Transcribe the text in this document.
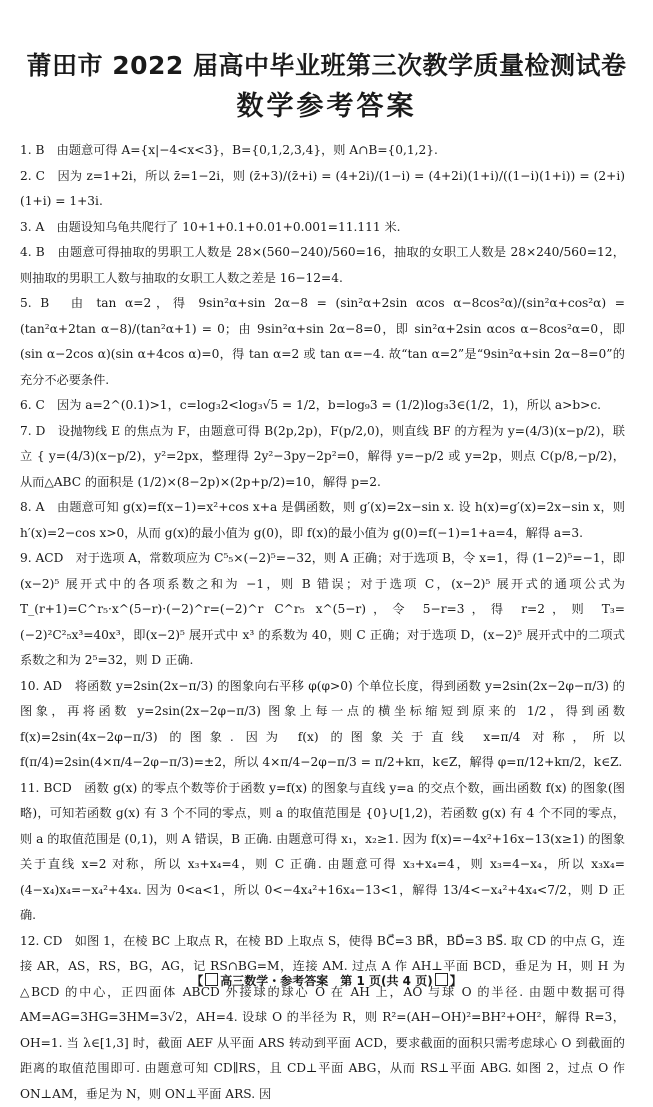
莆田市 2022 届高中毕业班第三次教学质量检测试卷
数学参考答案

1. B　由题意可得 A={x|−4<x<3}，B={0,1,2,3,4}，则 A∩B={0,1,2}.

2. C　因为 z=1+2i，所以 z̄=1−2i，则 (z̄+3)/(z̄+i) = (4+2i)/(1−i) = (4+2i)(1+i)/((1−i)(1+i)) = (2+i)(1+i) = 1+3i.

3. A　由题设知乌龟共爬行了 10+1+0.1+0.01+0.001=11.111 米.

4. B　由题意可得抽取的男职工人数是 28×(560−240)/560=16，抽取的女职工人数是 28×240/560=12，则抽取的男职工人数与抽取的女职工人数之差是 16−12=4.

5. B　由 tan α=2，得 9sin²α+sin 2α−8 = (sin²α+2sin αcos α−8cos²α)/(sin²α+cos²α) = (tan²α+2tan α−8)/(tan²α+1) = 0；由 9sin²α+sin 2α−8=0，即 sin²α+2sin αcos α−8cos²α=0，即 (sin α−2cos α)(sin α+4cos α)=0，得 tan α=2 或 tan α=−4. 故“tan α=2”是“9sin²α+sin 2α−8=0”的充分不必要条件.

6. C　因为 a=2^(0.1)>1，c=log₃2<log₃√5 = 1/2，b=log₉3 = (1/2)log₃3∈(1/2，1)，所以 a>b>c.

7. D　设抛物线 E 的焦点为 F，由题意可得 B(2p,2p)，F(p/2,0)，则直线 BF 的方程为 y=(4/3)(x−p/2)，联立 { y=(4/3)(x−p/2)，y²=2px，整理得 2y²−3py−2p²=0，解得 y=−p/2 或 y=2p，则点 C(p/8,−p/2)，从而△ABC 的面积是 (1/2)×(8−2p)×(2p+p/2)=10，解得 p=2.

8. A　由题意可知 g(x)=f(x−1)=x²+cos x+a 是偶函数，则 g′(x)=2x−sin x. 设 h(x)=g′(x)=2x−sin x，则 h′(x)=2−cos x>0，从而 g(x)的最小值为 g(0)，即 f(x)的最小值为 g(0)=f(−1)=1+a=4，解得 a=3.

9. ACD　对于选项 A，常数项应为 C⁵₅×(−2)⁵=−32，则 A 正确；对于选项 B，令 x=1，得 (1−2)⁵=−1，即(x−2)⁵ 展开式中的各项系数之和为 −1，则 B 错误；对于选项 C，(x−2)⁵ 展开式的通项公式为 T_(r+1)=C^r₅·x^(5−r)·(−2)^r=(−2)^r C^r₅ x^(5−r)，令 5−r=3，得 r=2，则 T₃=(−2)²C²₅x³=40x³，即(x−2)⁵ 展开式中 x³ 的系数为 40，则 C 正确；对于选项 D，(x−2)⁵ 展开式中的二项式系数之和为 2⁵=32，则 D 正确.

10. AD　将函数 y=2sin(2x−π/3) 的图象向右平移 φ(φ>0) 个单位长度，得到函数 y=2sin(2x−2φ−π/3) 的图象，再将函数 y=2sin(2x−2φ−π/3) 图象上每一点的横坐标缩短到原来的 1/2，得到函数 f(x)=2sin(4x−2φ−π/3) 的图象. 因为 f(x) 的图象关于直线 x=π/4 对称，所以 f(π/4)=2sin(4×π/4−2φ−π/3)=±2，所以 4×π/4−2φ−π/3 = π/2+kπ，k∈Z，解得 φ=π/12+kπ/2，k∈Z.

11. BCD　函数 g(x) 的零点个数等价于函数 y=f(x) 的图象与直线 y=a 的交点个数，画出函数 f(x) 的图象(图略)，可知若函数 g(x) 有 3 个不同的零点，则 a 的取值范围是 {0}∪[1,2)，若函数 g(x) 有 4 个不同的零点，则 a 的取值范围是 (0,1)，则 A 错误，B 正确. 由题意可得 x₁，x₂≥1. 因为 f(x)=−4x²+16x−13(x≥1) 的图象关于直线 x=2 对称，所以 x₃+x₄=4，则 C 正确. 由题意可得 x₃+x₄=4，则 x₃=4−x₄，所以 x₃x₄=(4−x₄)x₄=−x₄²+4x₄. 因为 0<a<1，所以 0<−4x₄²+16x₄−13<1，解得 13/4<−x₄²+4x₄<7/2，则 D 正确.

12. CD　如图 1，在棱 BC 上取点 R，在棱 BD 上取点 S，使得 BC⃗=3 BR⃗，BD⃗=3 BS⃗. 取 CD 的中点 G，连接 AR，AS，RS，BG，AG，记 RS∩BG=M，连接 AM. 过点 A 作 AH⊥平面 BCD，垂足为 H，则 H 为△BCD 的中心，正四面体 ABCD 外接球的球心 O 在 AH 上，AO 与球 O 的半径. 由题中数据可得 AM=AG=3HG=3HM=3√2，AH=4. 设球 O 的半径为 R，则 R²=(AH−OH)²=BH²+OH²，解得 R=3，OH=1. 当 λ∈[1,3] 时，截面 AEF 从平面 ARS 转动到平面 ACD，要求截面的面积只需考虑球心 O 到截面的距离的取值范围即可. 由题意可知 CD∥RS，且 CD⊥平面 ABG，从而 RS⊥平面 ABG. 如图 2，过点 O 作 ON⊥AM，垂足为 N，则 ON⊥平面 ARS. 因

【 高三数学・参考答案　第 1 页(共 4 页) 】
